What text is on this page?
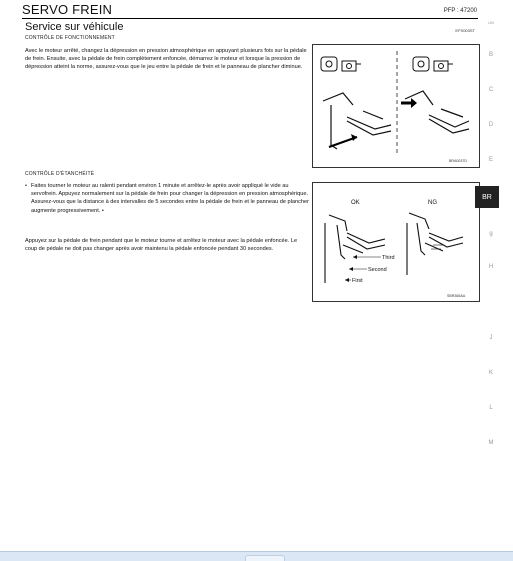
SERVO FREIN	PFP : 47200
Service sur véhicule	EFS003ST
CONTRÔLE DE FONCTIONNEMENT
Avec le moteur arrêté, changez la dépression en pression atmosphérique en appuyant plusieurs fois sur la pédale de frein. Ensuite, avec la pédale de frein complètement enfoncée, démarrez le moteur et lorsque la pression de dépression atteint la norme, assurez-vous que le jeu entre la pédale de frein et le panneau de plancher diminue.
BRA0037D
CONTRÔLE D'ÉTANCHÉITÉ
• Faites tourner le moteur au ralenti pendant environ 1 minute et arrêtez-le après avoir appliqué le vide au servofrein. Appuyez normalement sur la pédale de frein pour changer la dépression en pression atmosphérique. Assurez-vous que la distance à des intervalles de 5 secondes entre la pédale de frein et le panneau de plancher augmente progressivement. •
Appuyez sur la pédale de frein pendant que le moteur tourne et arrêtez le moteur avec la pédale enfoncée. Le coup de pédale ne doit pas changer après avoir maintenu la pédale enfoncée pendant 30 secondes.
OK	NG
Third
Second
First
SBR365AA
UN
B
C
D
E
BR
g
H
J
K
L
M
